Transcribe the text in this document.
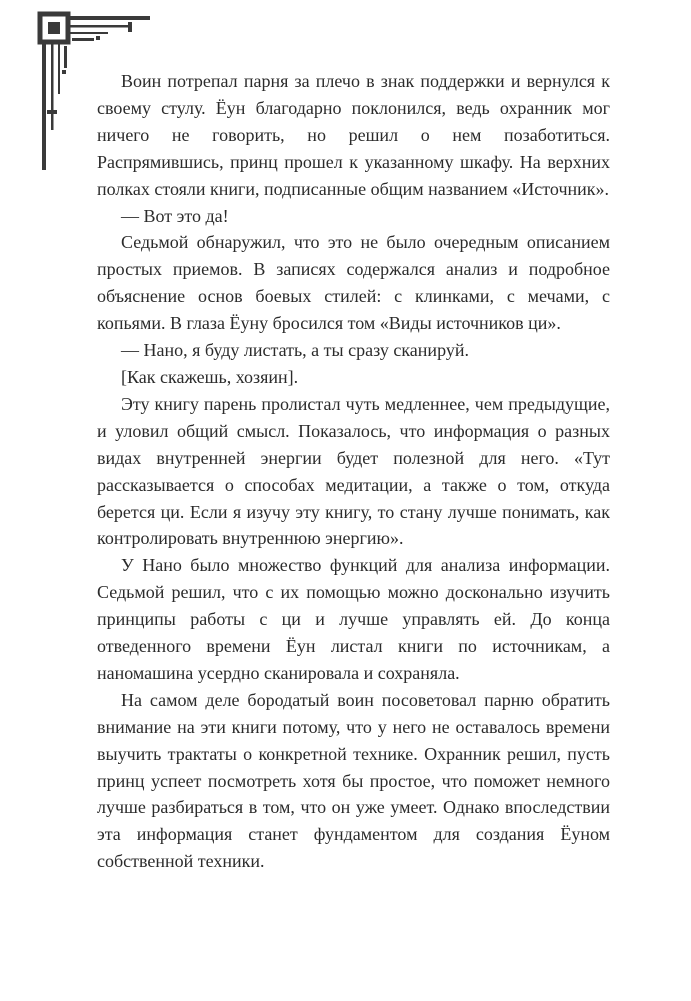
Воин потрепал парня за плечо в знак поддержки и вернулся к своему стулу. Ёун благодарно поклонился, ведь охранник мог ничего не говорить, но решил о нем позаботиться. Распрямившись, принц прошел к указанному шкафу. На верхних полках стояли книги, подписанные общим названием «Источник».

— Вот это да!

Седьмой обнаружил, что это не было очередным описанием простых приемов. В записях содержался анализ и подробное объяснение основ боевых стилей: с клинками, с мечами, с копьями. В глаза Ёуну бросился том «Виды источников ци».

— Нано, я буду листать, а ты сразу сканируй.

[Как скажешь, хозяин].

Эту книгу парень пролистал чуть медленнее, чем предыдущие, и уловил общий смысл. Показалось, что информация о разных видах внутренней энергии будет полезной для него. «Тут рассказывается о способах медитации, а также о том, откуда берется ци. Если я изучу эту книгу, то стану лучше понимать, как контролировать внутреннюю энергию».

У Нано было множество функций для анализа информации. Седьмой решил, что с их помощью можно досконально изучить принципы работы с ци и лучше управлять ей. До конца отведенного времени Ёун листал книги по источникам, а наномашина усердно сканировала и сохраняла.

На самом деле бородатый воин посоветовал парню обратить внимание на эти книги потому, что у него не оставалось времени выучить трактаты о конкретной технике. Охранник решил, пусть принц успеет посмотреть хотя бы простое, что поможет немного лучше разбираться в том, что он уже умеет. Однако впоследствии эта информация станет фундаментом для создания Ёуном собственной техники.
